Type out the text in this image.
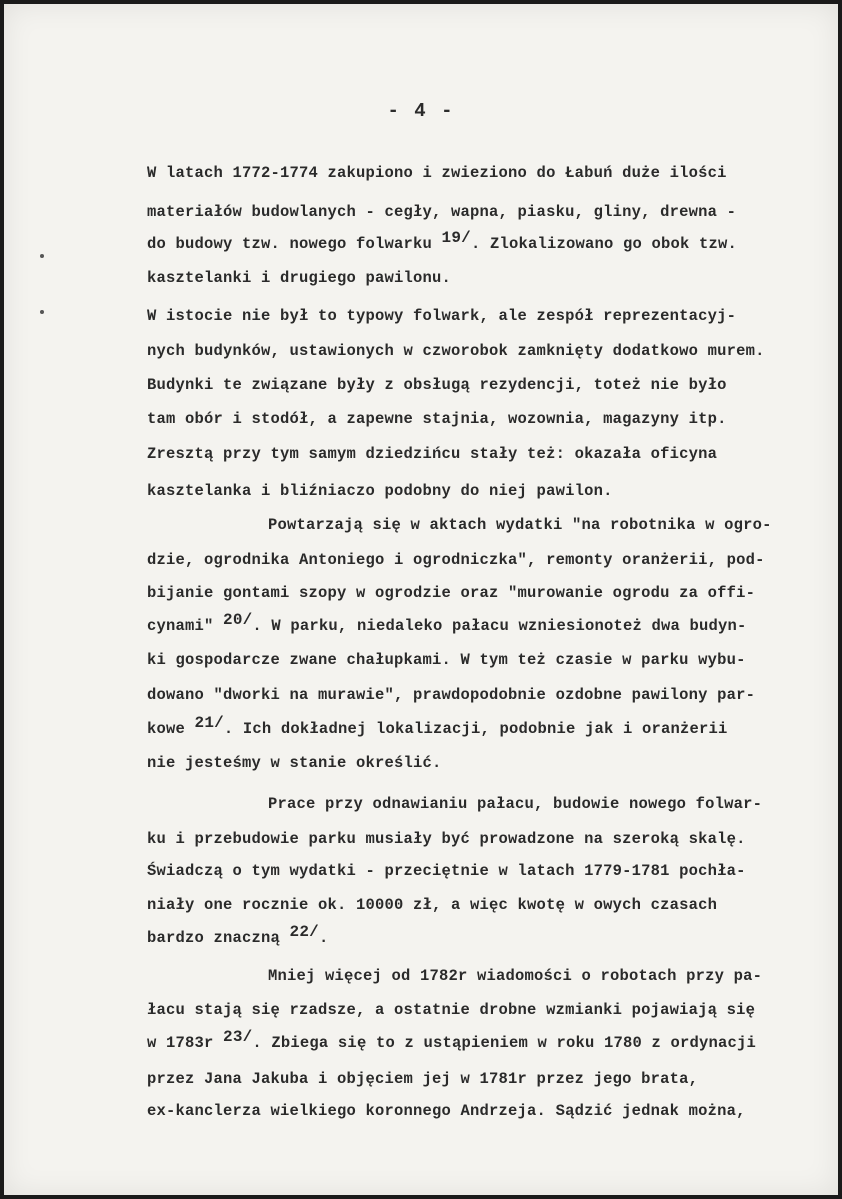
- 4 -
W latach 1772-1774 zakupiono i zwieziono do Łabuń duże ilości
materiałów budowlanych - cegły, wapna, piasku, gliny, drewna -
do budowy tzw. nowego folwarku $^{19/}$. Zlokalizowano go obok tzw.
kasztelanki i drugiego pawilonu.
W istocie nie był to typowy folwark, ale zespół reprezentacyj-
nych budynków, ustawionych w czworobok zamknięty dodatkowo murem.
Budynki te związane były z obsługą rezydencji, toteż nie było
tam obór i stodół, a zapewne stajnia, wozownia, magazyny itp.
Zresztą przy tym samym dziedzińcu stały też: okazała oficyna
kasztelanka i bliźniaczo podobny do niej pawilon.
Powtarzają się w aktach wydatki "na robotnika w ogro-
dzie, ogrodnika Antoniego i ogrodniczka", remonty oranżerii, pod-
bijanie gontami szopy w ogrodzie oraz "murowanie ogrodu za offi-
cynami" $^{20/}$. W parku, niedaleko pałacu wzniesionoteż dwa budyn-
ki gospodarcze zwane chałupkami. W tym też czasie w parku wybu-
dowano "dworki na murawie", prawdopodobnie ozdobne pawilony par-
kowe $^{21/}$. Ich dokładnej lokalizacji, podobnie jak i oranżerii
nie jesteśmy w stanie określić.
Prace przy odnawianiu pałacu, budowie nowego folwar-
ku i przebudowie parku musiały być prowadzone na szeroką skalę.
Świadczą o tym wydatki - przeciętnie w latach 1779-1781 pochła-
niały one rocznie ok. 10000 zł, a więc kwotę w owych czasach
bardzo znaczną $^{22/}$.
Mniej więcej od 1782r wiadomości o robotach przy pa-
łacu stają się rzadsze, a ostatnie drobne wzmianki pojawiają się
w 1783r $^{23/}$. Zbiega się to z ustąpieniem w roku 1780 z ordynacji
przez Jana Jakuba i objęciem jej w 1781r przez jego brata,
ex-kanclerza wielkiego koronnego Andrzeja. Sądzić jednak można,
